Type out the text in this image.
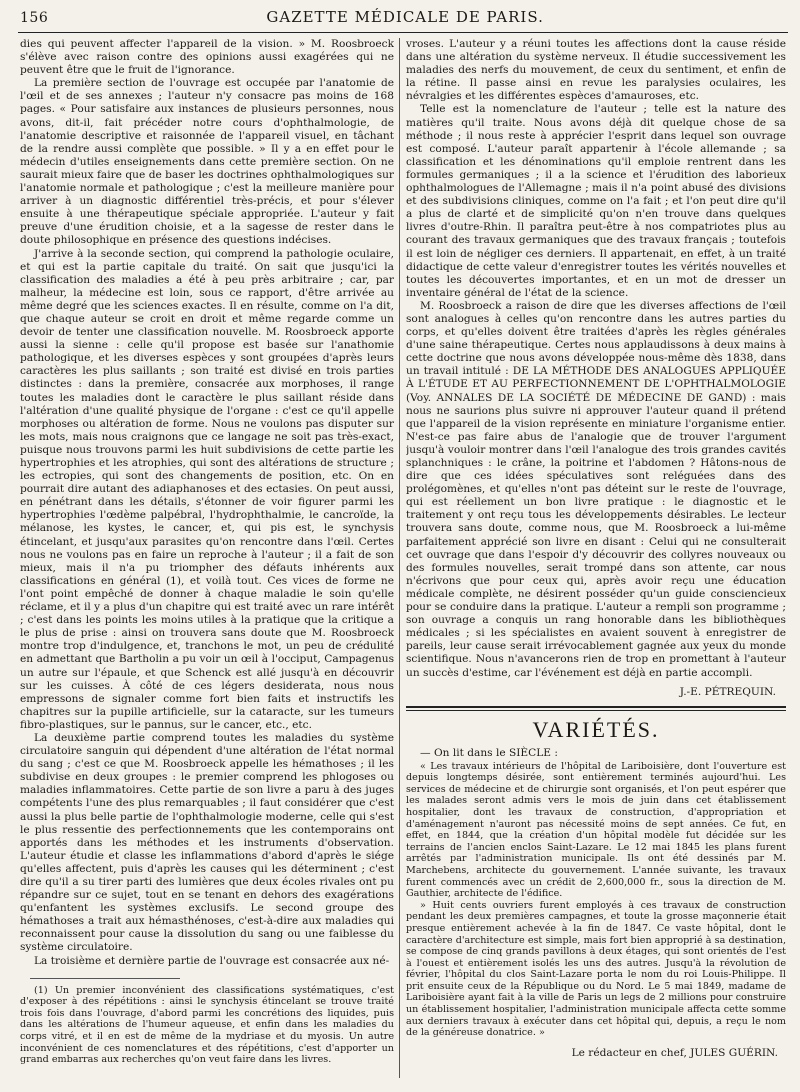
156	GAZETTE MÉDICALE DE PARIS.

dies qui peuvent affecter l'appareil de la vision. » M. Roosbroeck s'élève avec raison contre des opinions aussi exagérées qui ne peuvent être que le fruit de l'ignorance.

La première section de l'ouvrage est occupée par l'anatomie de l'œil et de ses annexes ; l'auteur n'y consacre pas moins de 168 pages. « Pour satisfaire aux instances de plusieurs personnes, nous avons, dit-il, fait précéder notre cours d'ophthalmologie, de l'anatomie descriptive et raisonnée de l'appareil visuel, en tâchant de la rendre aussi complète que possible. » Il y a en effet pour le médecin d'utiles enseignements dans cette première section. On ne saurait mieux faire que de baser les doctrines ophthalmologiques sur l'anatomie normale et pathologique ; c'est la meilleure manière pour arriver à un diagnostic différentiel très-précis, et pour s'élever ensuite à une thérapeutique spéciale appropriée. L'auteur y fait preuve d'une érudition choisie, et a la sagesse de rester dans le doute philosophique en présence des questions indécises.

J'arrive à la seconde section, qui comprend la pathologie oculaire, et qui est la partie capitale du traité. On sait que jusqu'ici la classification des maladies a été à peu près arbitraire ; car, par malheur, la médecine est loin, sous ce rapport, d'être arrivée au même degré que les sciences exactes. Il en résulte, comme on l'a dit, que chaque auteur se croit en droit et même regarde comme un devoir de tenter une classification nouvelle. M. Roosbroeck apporte aussi la sienne : celle qu'il propose est basée sur l'anathomie pathologique, et les diverses espèces y sont groupées d'après leurs caractères les plus saillants ; son traité est divisé en trois parties distinctes : dans la première, consacrée aux morphoses, il range toutes les maladies dont le caractère le plus saillant réside dans l'altération d'une qualité physique de l'organe : c'est ce qu'il appelle morphoses ou altération de forme. Nous ne voulons pas disputer sur les mots, mais nous craignons que ce langage ne soit pas très-exact, puisque nous trouvons parmi les huit subdivisions de cette partie les hypertrophies et les atrophies, qui sont des altérations de structure ; les ectropies, qui sont des changements de position, etc. On en pourrait dire autant des adiaphanoses et des ectasies. On peut aussi, en pénétrant dans les détails, s'étonner de voir figurer parmi les hypertrophies l'œdème palpébral, l'hydrophthalmie, le cancroïde, la mélanose, les kystes, le cancer, et, qui pis est, le synchysis étincelant, et jusqu'aux parasites qu'on rencontre dans l'œil. Certes nous ne voulons pas en faire un reproche à l'auteur ; il a fait de son mieux, mais il n'a pu triompher des défauts inhérents aux classifications en général (1), et voilà tout. Ces vices de forme ne l'ont point empêché de donner à chaque maladie le soin qu'elle réclame, et il y a plus d'un chapitre qui est traité avec un rare intérêt ; c'est dans les points les moins utiles à la pratique que la critique a le plus de prise : ainsi on trouvera sans doute que M. Roosbroeck montre trop d'indulgence, et, tranchons le mot, un peu de crédulité en admettant que Bartholin a pu voir un œil à l'occiput, Campagenus un autre sur l'épaule, et que Schenck est allé jusqu'à en découvrir sur les cuisses. À côté de ces légers desiderata, nous nous empressons de signaler comme fort bien faits et instructifs les chapitres sur la pupille artificielle, sur la cataracte, sur les tumeurs fibro-plastiques, sur le pannus, sur le cancer, etc., etc.

La deuxième partie comprend toutes les maladies du système circulatoire sanguin qui dépendent d'une altération de l'état normal du sang ; c'est ce que M. Roosbroeck appelle les hémathoses ; il les subdivise en deux groupes : le premier comprend les phlogoses ou maladies inflammatoires. Cette partie de son livre a paru à des juges compétents l'une des plus remarquables ; il faut considérer que c'est aussi la plus belle partie de l'ophthalmologie moderne, celle qui s'est le plus ressentie des perfectionnements que les contemporains ont apportés dans les méthodes et les instruments d'observation. L'auteur étudie et classe les inflammations d'abord d'après le siége qu'elles affectent, puis d'après les causes qui les déterminent ; c'est dire qu'il a su tirer parti des lumières que deux écoles rivales ont pu répandre sur ce sujet, tout en se tenant en dehors des exagérations qu'enfantent les systèmes exclusifs. Le second groupe des hémathoses a trait aux hémasthénoses, c'est-à-dire aux maladies qui reconnaissent pour cause la dissolution du sang ou une faiblesse du système circulatoire.

La troisième et dernière partie de l'ouvrage est consacrée aux né-

(1) Un premier inconvénient des classifications systématiques, c'est d'exposer à des répétitions : ainsi le synchysis étincelant se trouve traité trois fois dans l'ouvrage, d'abord parmi les concrétions des liquides, puis dans les altérations de l'humeur aqueuse, et enfin dans les maladies du corps vitré, et il en est de même de la mydriase et du myosis. Un autre inconvénient de ces nomenclatures et des répétitions, c'est d'apporter un grand embarras aux recherches qu'on veut faire dans les livres.

vroses. L'auteur y a réuni toutes les affections dont la cause réside dans une altération du système nerveux. Il étudie successivement les maladies des nerfs du mouvement, de ceux du sentiment, et enfin de la rétine. Il passe ainsi en revue les paralysies oculaires, les névralgies et les différentes espèces d'amauroses, etc.

Telle est la nomenclature de l'auteur ; telle est la nature des matières qu'il traite. Nous avons déjà dit quelque chose de sa méthode ; il nous reste à apprécier l'esprit dans lequel son ouvrage est composé. L'auteur paraît appartenir à l'école allemande ; sa classification et les dénominations qu'il emploie rentrent dans les formules germaniques ; il a la science et l'érudition des laborieux ophthalmologues de l'Allemagne ; mais il n'a point abusé des divisions et des subdivisions cliniques, comme on l'a fait ; et l'on peut dire qu'il a plus de clarté et de simplicité qu'on n'en trouve dans quelques livres d'outre-Rhin. Il paraîtra peut-être à nos compatriotes plus au courant des travaux germaniques que des travaux français ; toutefois il est loin de négliger ces derniers. Il appartenait, en effet, à un traité didactique de cette valeur d'enregistrer toutes les vérités nouvelles et toutes les découvertes importantes, et en un mot de dresser un inventaire général de l'état de la science.

M. Roosbroeck a raison de dire que les diverses affections de l'œil sont analogues à celles qu'on rencontre dans les autres parties du corps, et qu'elles doivent être traitées d'après les règles générales d'une saine thérapeutique. Certes nous applaudissons à deux mains à cette doctrine que nous avons développée nous-même dès 1838, dans un travail intitulé : DE LA MÉTHODE DES ANALOGUES APPLIQUÉE À L'ÉTUDE ET AU PERFECTIONNEMENT DE L'OPHTHALMOLOGIE (Voy. ANNALES DE LA SOCIÉTÉ DE MÉDECINE DE GAND) : mais nous ne saurions plus suivre ni approuver l'auteur quand il prétend que l'appareil de la vision représente en miniature l'organisme entier. N'est-ce pas faire abus de l'analogie que de trouver l'argument jusqu'à vouloir montrer dans l'œil l'analogue des trois grandes cavités splanchniques : le crâne, la poitrine et l'abdomen ? Hâtons-nous de dire que ces idées spéculatives sont reléguées dans des prolégomènes, et qu'elles n'ont pas déteint sur le reste de l'ouvrage, qui est réellement un bon livre pratique : le diagnostic et le traitement y ont reçu tous les développements désirables. Le lecteur trouvera sans doute, comme nous, que M. Roosbroeck a lui-même parfaitement apprécié son livre en disant : Celui qui ne consulterait cet ouvrage que dans l'espoir d'y découvrir des collyres nouveaux ou des formules nouvelles, serait trompé dans son attente, car nous n'écrivons que pour ceux qui, après avoir reçu une éducation médicale complète, ne désirent posséder qu'un guide consciencieux pour se conduire dans la pratique. L'auteur a rempli son programme ; son ouvrage a conquis un rang honorable dans les bibliothèques médicales ; si les spécialistes en avaient souvent à enregistrer de pareils, leur cause serait irrévocablement gagnée aux yeux du monde scientifique. Nous n'avancerons rien de trop en promettant à l'auteur un succès d'estime, car l'événement est déjà en partie accompli.

J.-E. PÉTREQUIN.
VARIÉTÉS.
— On lit dans le SIÈCLE :

« Les travaux intérieurs de l'hôpital de Lariboisière, dont l'ouverture est depuis longtemps désirée, sont entièrement terminés aujourd'hui. Les services de médecine et de chirurgie sont organisés, et l'on peut espérer que les malades seront admis vers le mois de juin dans cet établissement hospitalier, dont les travaux de construction, d'appropriation et d'aménagement n'auront pas nécessité moins de sept années. Ce fut, en effet, en 1844, que la création d'un hôpital modèle fut décidée sur les terrains de l'ancien enclos Saint-Lazare. Le 12 mai 1845 les plans furent arrêtés par l'administration municipale. Ils ont été dessinés par M. Marchebens, architecte du gouvernement. L'année suivante, les travaux furent commencés avec un crédit de 2,600,000 fr., sous la direction de M. Gauthier, architecte de l'édifice.

» Huit cents ouvriers furent employés à ces travaux de construction pendant les deux premières campagnes, et toute la grosse maçonnerie était presque entièrement achevée à la fin de 1847. Ce vaste hôpital, dont le caractère d'architecture est simple, mais fort bien approprié à sa destination, se compose de cinq grands pavillons à deux étages, qui sont orientés de l'est à l'ouest et entièrement isolés les uns des autres. Jusqu'à la révolution de février, l'hôpital du clos Saint-Lazare porta le nom du roi Louis-Philippe. Il prit ensuite ceux de la République ou du Nord. Le 5 mai 1849, madame de Lariboisière ayant fait à la ville de Paris un legs de 2 millions pour construire un établissement hospitalier, l'administration municipale affecta cette somme aux derniers travaux à exécuter dans cet hôpital qui, depuis, a reçu le nom de la généreuse donatrice. »

Le rédacteur en chef, JULES GUÉRIN.
